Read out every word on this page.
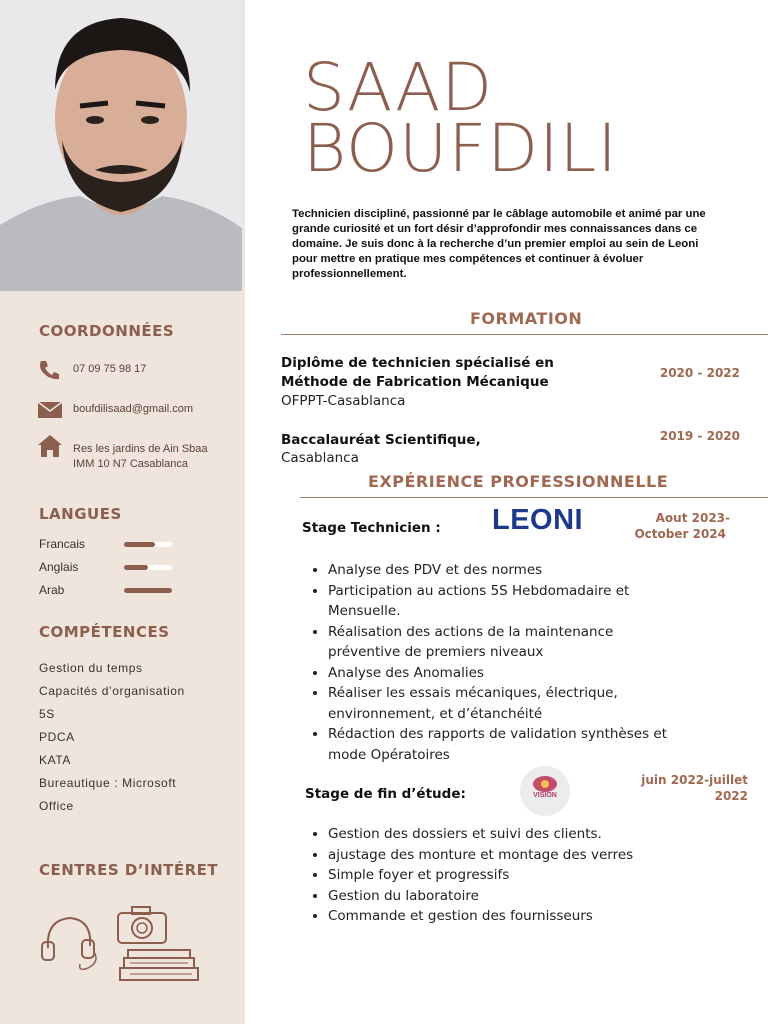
COORDONNÉES
07 09 75 98 17
boufdilisaad@gmail.com
Res les jardins de Ain Sbaa
IMM 10 N7 Casablanca
LANGUES
Francais
Anglais
Arab
COMPÉTENCES
Gestion du temps
Capacités d’organisation
5S
PDCA
KATA
Bureautique : Microsoft
Office
CENTRES D’INTÉRET
SAAD
BOUFDILI
Technicien discipliné, passionné par le câblage automobile et animé par une grande curiosité et un fort désir d’approfondir mes connaissances dans ce domaine. Je suis donc à la recherche d’un premier emploi au sein de Leoni pour mettre en pratique mes compétences et continuer à évoluer professionnellement.
FORMATION
Diplôme de technicien spécialisé en
Méthode de Fabrication Mécanique
OFPPT-Casablanca
2020 - 2022
Baccalauréat Scientifique,
Casablanca
2019 - 2020
EXPÉRIENCE PROFESSIONNELLE
Stage Technicien : LEONI	Aout 2023-
October 2024
• Analyse des PDV et des normes
• Participation au actions 5S Hebdomadaire et Mensuelle.
• Réalisation des actions de la maintenance préventive de premiers niveaux
• Analyse des Anomalies
• Réaliser les essais mécaniques, électrique, environnement, et d’étanchéité
• Rédaction des rapports de validation synthèses et mode Opératoires
Stage de fin d’étude:	VISION
juin 2022-juillet
2022
• Gestion des dossiers et suivi des clients.
• ajustage des monture et montage des verres
• Simple foyer et progressifs
• Gestion du laboratoire
• Commande et gestion des fournisseurs
